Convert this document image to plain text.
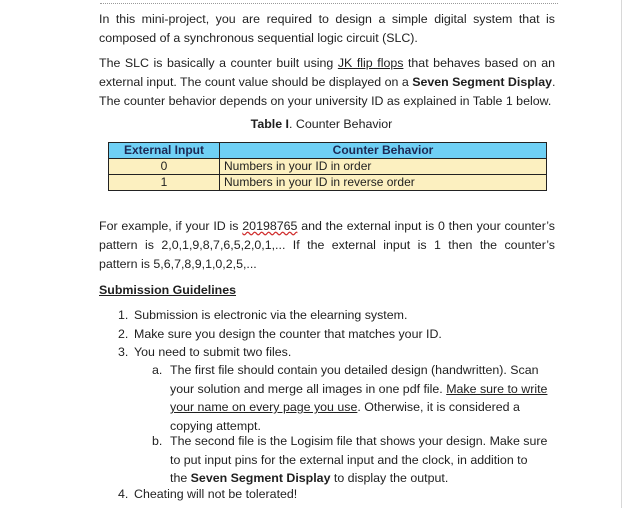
In this mini-project, you are required to design a simple digital system that is
composed of a synchronous sequential logic circuit (SLC).
The SLC is basically a counter built using JK flip flops that behaves based on an
external input. The count value should be displayed on a Seven Segment Display.
The counter behavior depends on your university ID as explained in Table 1 below.
Table I. Counter Behavior
External Input	Counter Behavior
0	Numbers in your ID in order
1	Numbers in your ID in reverse order
For example, if your ID is 20198765 and the external input is 0 then your counter’s
pattern is 2,0,1,9,8,7,6,5,2,0,1,... If the external input is 1 then the counter’s
pattern is 5,6,7,8,9,1,0,2,5,...
Submission Guidelines
1. Submission is electronic via the elearning system.
2. Make sure you design the counter that matches your ID.
3. You need to submit two files.
a. The first file should contain you detailed design (handwritten). Scan
your solution and merge all images in one pdf file. Make sure to write
your name on every page you use. Otherwise, it is considered a
copying attempt.
b. The second file is the Logisim file that shows your design. Make sure
to put input pins for the external input and the clock, in addition to
the Seven Segment Display to display the output.
4. Cheating will not be tolerated!
